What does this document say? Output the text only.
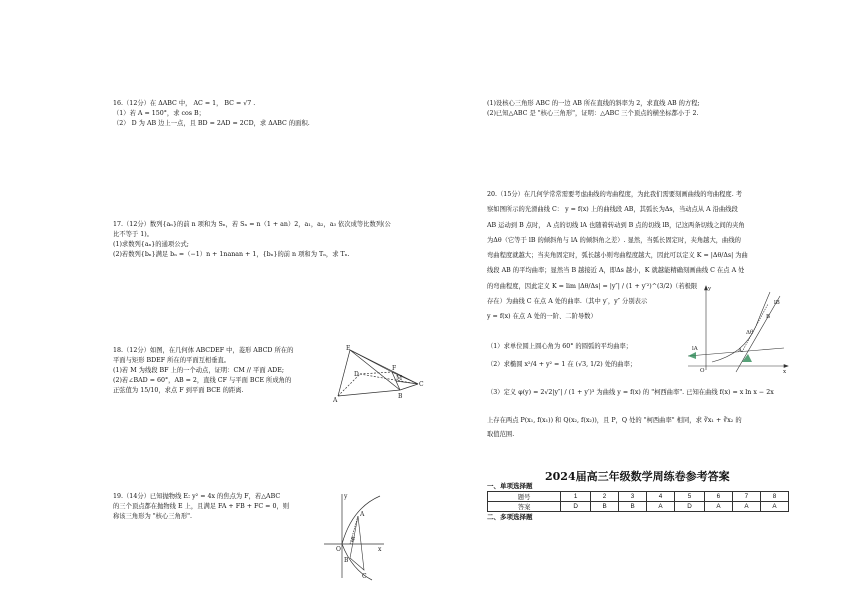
16.（12分）在 ΔABC 中， AC = 1， BC = √7 .
（1）若 A = 150°，求 cos B；
（2） D 为 AB 边上一点，且 BD = 2AD = 2CD，求 ΔABC 的面积.
17.（12分）数列{aₙ}的前 n 项和为 Sₙ，若 Sₙ = n（1 + an）2，a₁，a₂，a₃ 依次成等比数列(公
比不等于 1)。
(1)求数列{aₙ}的通项公式;
(2)若数列{bₙ}满足 bₙ =（−1）n + 1nanan + 1，{bₙ}的前 n 项和为 Tₙ，求 Tₙ.
18.（12分）如图，在几何体 ABCDEF 中，菱形 ABCD 所在的
平面与矩形 BDEF 所在的平面互相垂直。
(1)若 M 为线段 BF 上的一个动点，证明：CM // 平面 ADE;
(2)若∠BAD = 60°，AB = 2，直线 CF 与平面 BCE 所成角的
正弦值为 15/10，求点 F 到平面 BCE 的距离.
E
F
D
M
C
A
B
19.（14分）已知抛物线 E: y² = 4x 的焦点为 F，若△ABC
的三个顶点都在抛物线 E 上，且满足 FA + FB + FC = 0，则
称该三角形为 "核心三角形".
y
A
F
O	x
B
C
(1)设核心三角形 ABC 的一边 AB 所在直线的斜率为 2，求直线 AB 的方程;
(2)已知△ABC 是 "核心三角形"，证明：△ABC 三个顶点的横坐标都小于 2.
20.（15分）在几何学常常需要考虑曲线的弯曲程度，为此我们需要刻画曲线的弯曲程度. 考
察如图所示的光滑曲线 C： y = f(x) 上的曲线段 AB，其弧长为Δs，当动点从 A 沿曲线段
AB 运动到 B 点时， A 点的切线 lA 也随着转动到 B 点的切线 lB，记这两条切线之间的夹角
为Δθ（它等于 lB 的倾斜角与 lA 的倾斜角之差）. 显然，当弧长固定时，夹角越大，曲线的
弯曲程度就越大；当夹角固定时，弧长越小则弯曲程度越大，因此可以定义 K = |Δθ/Δs| 为曲
线段 AB 的平均曲率；显然当 B 越接近 A，即Δs 越小，K 就越能精确刻画曲线 C 在点 A 处
的弯曲程度，因此定义 K = lim |Δθ/Δs| = |y″| / (1 + y′²)^(3/2)（若极限
存在）为曲线 C 在点 A 处的曲率.（其中 y′，y″ 分别表示
y = f(x) 在点 A 处的一阶、二阶导数）
（1）求单位圆上圆心角为 60° 的圆弧的平均曲率；
（2）求椭圆 x²/4 + y² = 1 在 (√3, 1/2) 处的曲率；
（3）定义 φ(y) = 2√2|y″| / (1 + y′)³ 为曲线 y = f(x) 的 "柯西曲率". 已知在曲线 f(x) = x ln x − 2x
上存在两点 P(x₁, f(x₁)) 和 Q(x₂, f(x₂))，且 P，Q 处的 "柯西曲率" 相同，求 ∛x₁ + ∛x₂ 的
取值范围.
y
lB
B
Δθ
A
lA
O	x
2024届高三年级数学周练卷参考答案
一、单项选择题
题号	1	2	3	4	5	6	7	8
答案	D	B	B	A	D	A	A	A
二、多项选择题
